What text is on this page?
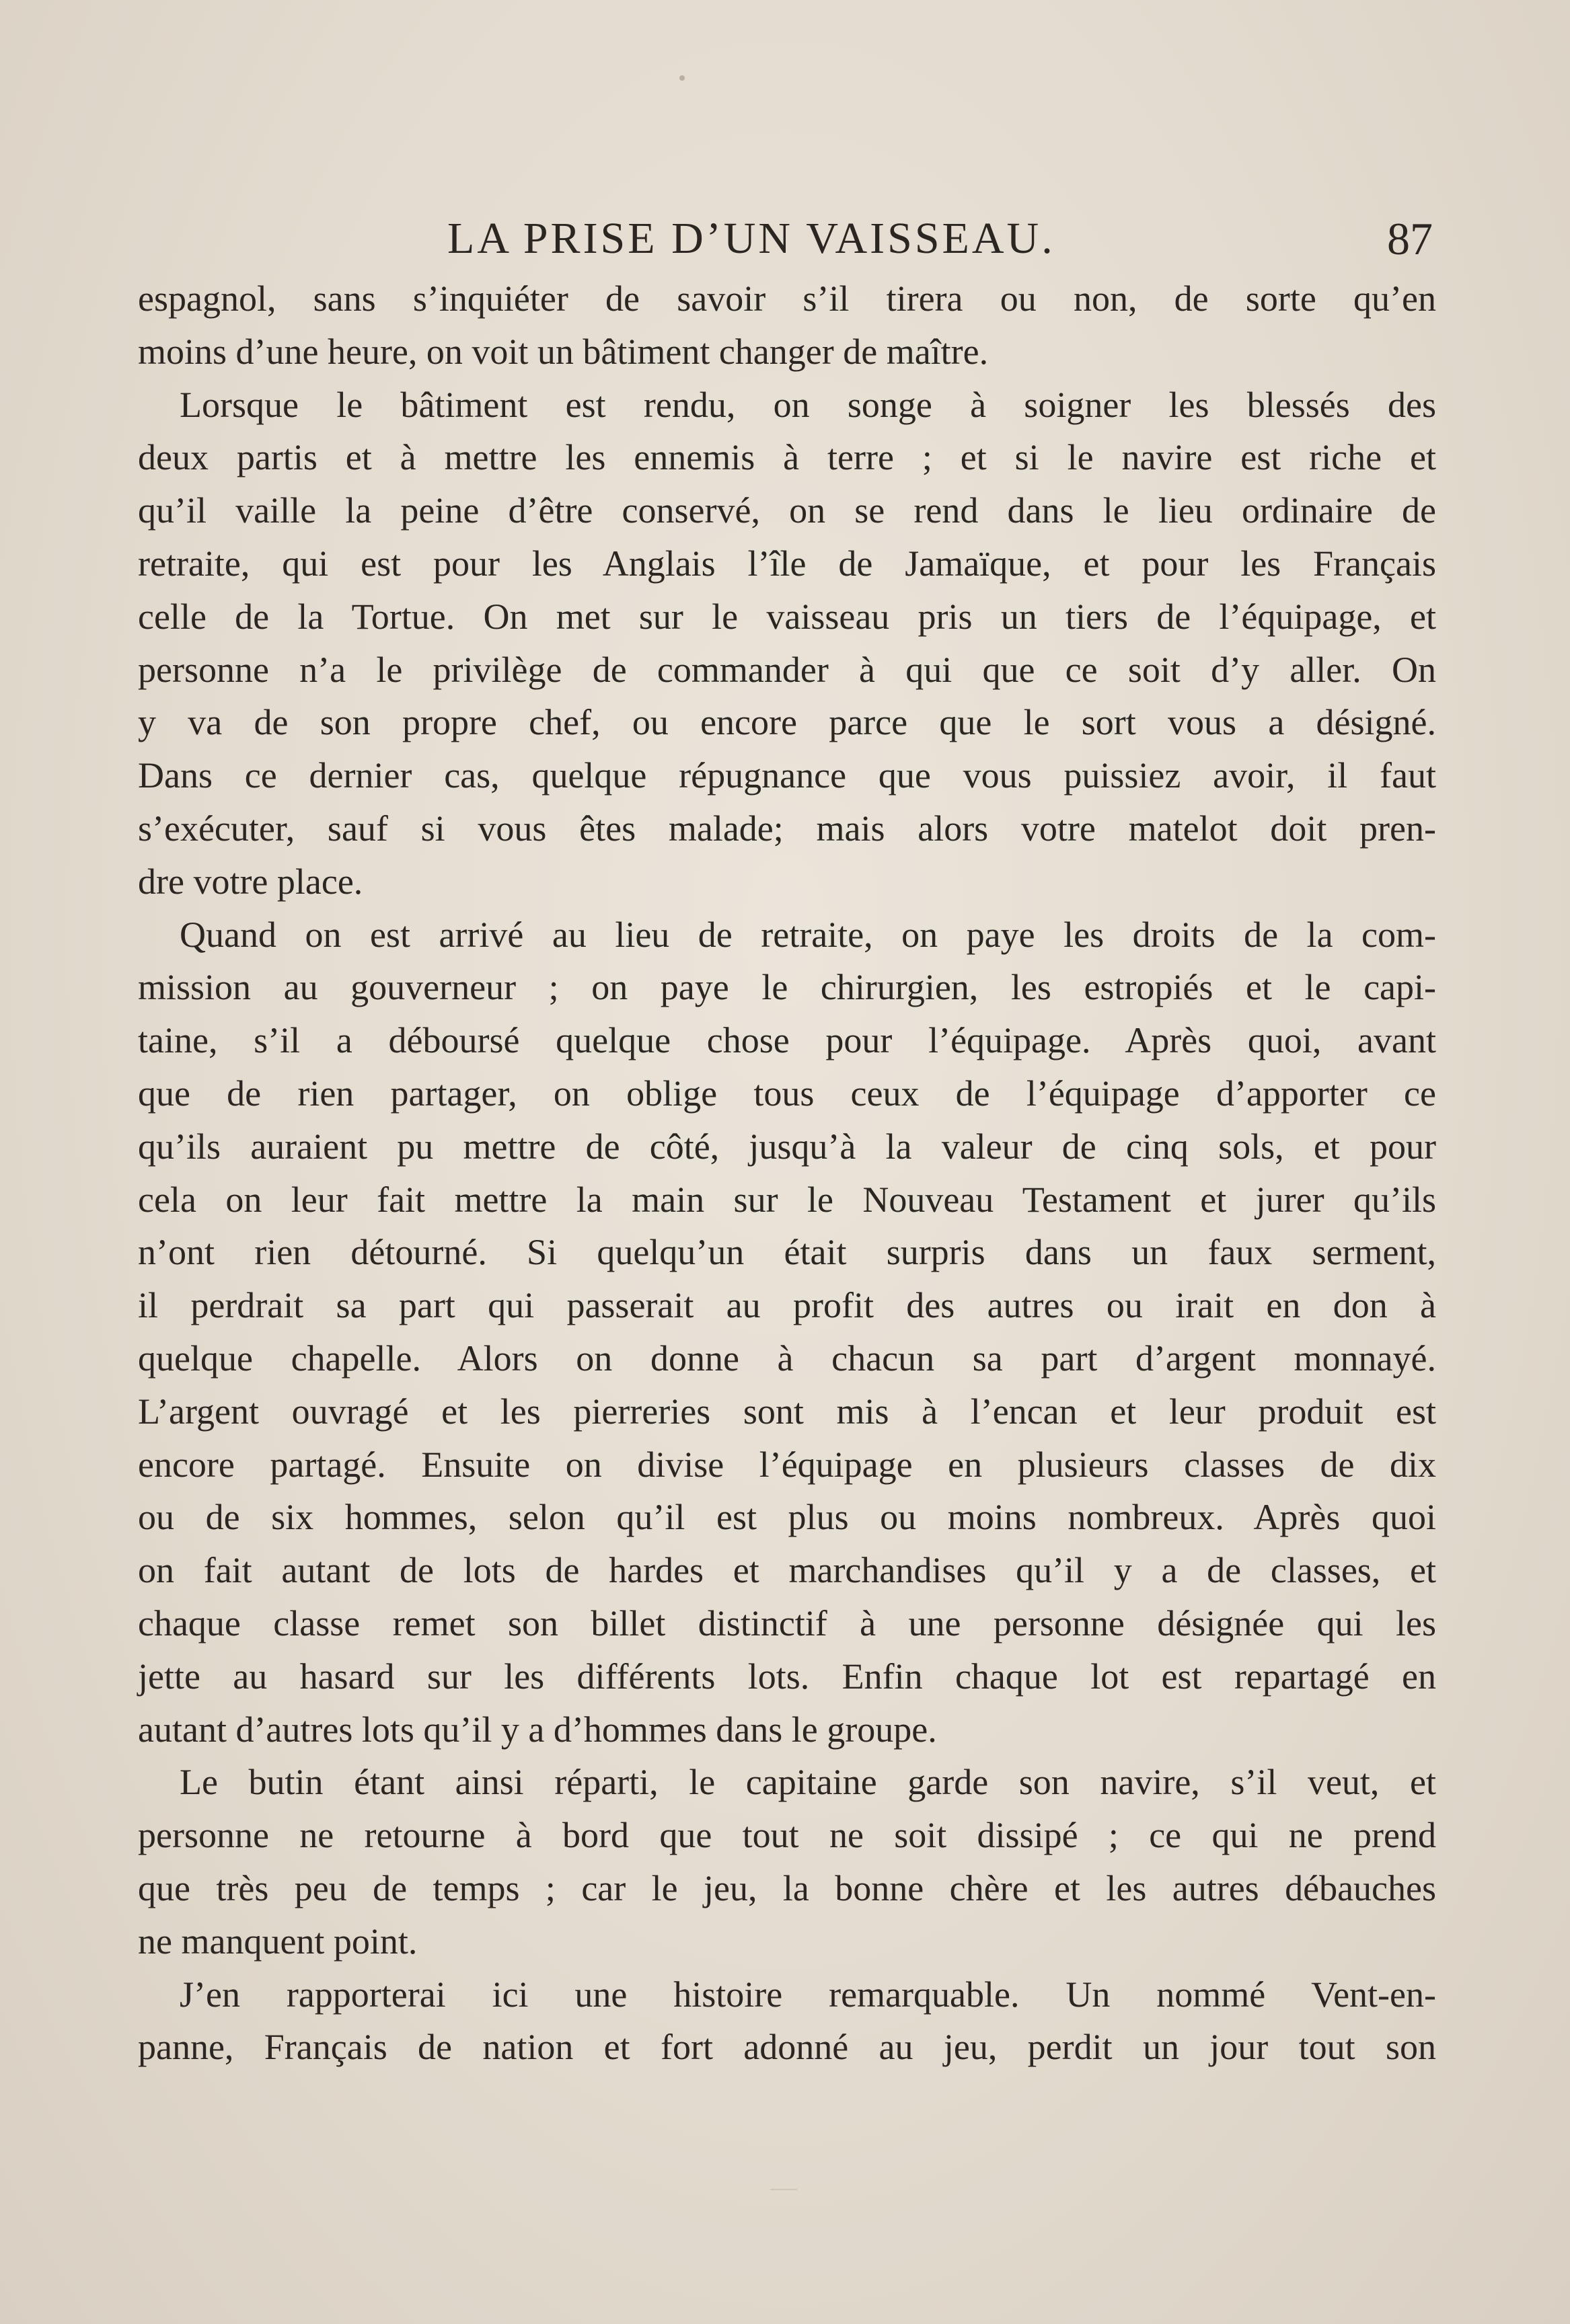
LA PRISE D’UN VAISSEAU.	87
espagnol, sans s’inquiéter de savoir s’il tirera ou non, de sorte qu’en
moins d’une heure, on voit un bâtiment changer de maître.
Lorsque le bâtiment est rendu, on songe à soigner les blessés des
deux partis et à mettre les ennemis à terre ; et si le navire est riche et
qu’il vaille la peine d’être conservé, on se rend dans le lieu ordinaire de
retraite, qui est pour les Anglais l’île de Jamaïque, et pour les Français
celle de la Tortue. On met sur le vaisseau pris un tiers de l’équipage, et
personne n’a le privilège de commander à qui que ce soit d’y aller. On
y va de son propre chef, ou encore parce que le sort vous a désigné.
Dans ce dernier cas, quelque répugnance que vous puissiez avoir, il faut
s’exécuter, sauf si vous êtes malade; mais alors votre matelot doit pren-
dre votre place.
Quand on est arrivé au lieu de retraite, on paye les droits de la com-
mission au gouverneur ; on paye le chirurgien, les estropiés et le capi-
taine, s’il a déboursé quelque chose pour l’équipage. Après quoi, avant
que de rien partager, on oblige tous ceux de l’équipage d’apporter ce
qu’ils auraient pu mettre de côté, jusqu’à la valeur de cinq sols, et pour
cela on leur fait mettre la main sur le Nouveau Testament et jurer qu’ils
n’ont rien détourné. Si quelqu’un était surpris dans un faux serment,
il perdrait sa part qui passerait au profit des autres ou irait en don à
quelque chapelle. Alors on donne à chacun sa part d’argent monnayé.
L’argent ouvragé et les pierreries sont mis à l’encan et leur produit est
encore partagé. Ensuite on divise l’équipage en plusieurs classes de dix
ou de six hommes, selon qu’il est plus ou moins nombreux. Après quoi
on fait autant de lots de hardes et marchandises qu’il y a de classes, et
chaque classe remet son billet distinctif à une personne désignée qui les
jette au hasard sur les différents lots. Enfin chaque lot est repartagé en
autant d’autres lots qu’il y a d’hommes dans le groupe.
Le butin étant ainsi réparti, le capitaine garde son navire, s’il veut, et
personne ne retourne à bord que tout ne soit dissipé ; ce qui ne prend
que très peu de temps ; car le jeu, la bonne chère et les autres débauches
ne manquent point.
J’en rapporterai ici une histoire remarquable. Un nommé Vent-en-
panne, Français de nation et fort adonné au jeu, perdit un jour tout son
